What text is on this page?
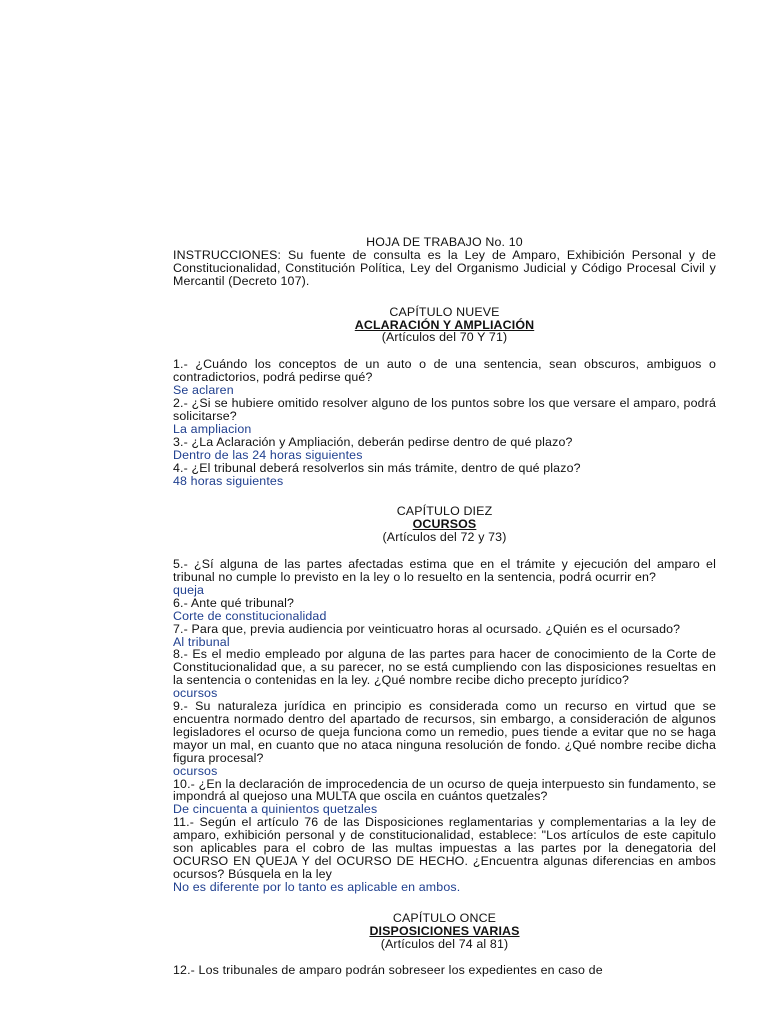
HOJA DE TRABAJO No. 10
INSTRUCCIONES: Su fuente de consulta es la Ley de Amparo, Exhibición Personal y de Constitucionalidad, Constitución Política, Ley del Organismo Judicial y Código Procesal Civil y Mercantil (Decreto 107).
CAPÍTULO NUEVE
ACLARACIÓN Y AMPLIACIÓN
(Artículos del 70 Y 71)
1.- ¿Cuándo los conceptos de un auto o de una sentencia, sean obscuros, ambiguos o contradictorios, podrá pedirse qué?
Se aclaren
2.- ¿Si se hubiere omitido resolver alguno de los puntos sobre los que versare el amparo, podrá solicitarse?
La ampliacion
3.- ¿La Aclaración y Ampliación, deberán pedirse dentro de qué plazo?
Dentro de las 24 horas siguientes
4.- ¿El tribunal deberá resolverlos sin más trámite, dentro de qué plazo?
48 horas siguientes
CAPÍTULO DIEZ
OCURSOS
(Artículos del 72 y 73)
5.- ¿Sí alguna de las partes afectadas estima que en el trámite y ejecución del amparo el tribunal no cumple lo previsto en la ley o lo resuelto en la sentencia, podrá ocurrir en?
queja
6.- Ante qué tribunal?
Corte de constitucionalidad
7.- Para que, previa audiencia por veinticuatro horas al ocursado. ¿Quién es el ocursado?
Al tribunal
8.- Es el medio empleado por alguna de las partes para hacer de conocimiento de la Corte de Constitucionalidad que, a su parecer, no se está cumpliendo con las disposiciones resueltas en la sentencia o contenidas en la ley. ¿Qué nombre recibe dicho precepto jurídico?
ocursos
9.- Su naturaleza jurídica en principio es considerada como un recurso en virtud que se encuentra normado dentro del apartado de recursos, sin embargo, a consideración de algunos legisladores el ocurso de queja funciona como un remedio, pues tiende a evitar que no se haga mayor un mal, en cuanto que no ataca ninguna resolución de fondo. ¿Qué nombre recibe dicha figura procesal?
ocursos
10.- ¿En la declaración de improcedencia de un ocurso de queja interpuesto sin fundamento, se impondrá al quejoso una MULTA que oscila en cuántos quetzales?
De cincuenta a quinientos quetzales
11.- Según el artículo 76 de las Disposiciones reglamentarias y complementarias a la ley de amparo, exhibición personal y de constitucionalidad, establece: "Los artículos de este capitulo son aplicables para el cobro de las multas impuestas a las partes por la denegatoria del OCURSO EN QUEJA Y del OCURSO DE HECHO. ¿Encuentra algunas diferencias en ambos ocursos? Búsquela en la ley
No es diferente por lo tanto es aplicable en ambos.
CAPÍTULO ONCE
DISPOSICIONES VARIAS
(Artículos del 74 al 81)
12.- Los tribunales de amparo podrán sobreseer los expedientes en caso de
